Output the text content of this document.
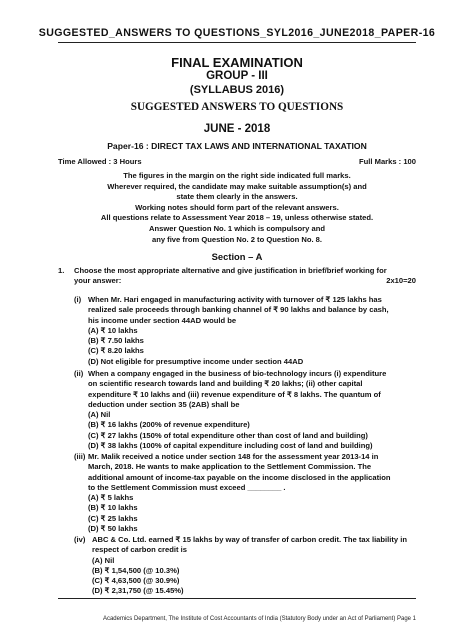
SUGGESTED_ANSWERS TO QUESTIONS_SYL2016_JUNE2018_PAPER-16
FINAL EXAMINATION
GROUP - III
(SYLLABUS 2016)
SUGGESTED ANSWERS TO QUESTIONS
JUNE - 2018
Paper-16 : DIRECT TAX LAWS AND INTERNATIONAL TAXATION
Time Allowed : 3 Hours	Full Marks : 100
The figures in the margin on the right side indicated full marks.
Wherever required, the candidate may make suitable assumption(s) and
state them clearly in the answers.
Working notes should form part of the relevant answers.
All questions relate to Assessment Year 2018 – 19, unless otherwise stated.
Answer Question No. 1 which is compulsory and
any five from Question No. 2 to Question No. 8.
Section – A
1. Choose the most appropriate alternative and give justification in brief/brief working for
your answer:	2x10=20
(i) When Mr. Hari engaged in manufacturing activity with turnover of ₹ 125 lakhs has
realized sale proceeds through banking channel of ₹ 90 lakhs and balance by cash,
his income under section 44AD would be
(A) ₹ 10 lakhs
(B) ₹ 7.50 lakhs
(C) ₹ 8.20 lakhs
(D) Not eligible for presumptive income under section 44AD
(ii) When a company engaged in the business of bio-technology incurs (i) expenditure
on scientific research towards land and building ₹ 20 lakhs; (ii) other capital
expenditure ₹ 10 lakhs and (iii) revenue expenditure of ₹ 8 lakhs. The quantum of
deduction under section 35 (2AB) shall be
(A) Nil
(B) ₹ 16 lakhs (200% of revenue expenditure)
(C) ₹ 27 lakhs (150% of total expenditure other than cost of land and building)
(D) ₹ 38 lakhs (100% of capital expenditure including cost of land and building)
(iii) Mr. Malik received a notice under section 148 for the assessment year 2013-14 in
March, 2018. He wants to make application to the Settlement Commission. The
additional amount of income-tax payable on the income disclosed in the application
to the Settlement Commission must exceed ________ .
(A) ₹ 5 lakhs
(B) ₹ 10 lakhs
(C) ₹ 25 lakhs
(D) ₹ 50 lakhs
(iv) ABC & Co. Ltd. earned ₹ 15 lakhs by way of transfer of carbon credit. The tax liability in
respect of carbon credit is
(A) Nil
(B) ₹ 1,54,500 (@ 10.3%)
(C) ₹ 4,63,500 (@ 30.9%)
(D) ₹ 2,31,750 (@ 15.45%)
Academics Department, The Institute of Cost Accountants of India (Statutory Body under an Act of Parliament) Page 1
